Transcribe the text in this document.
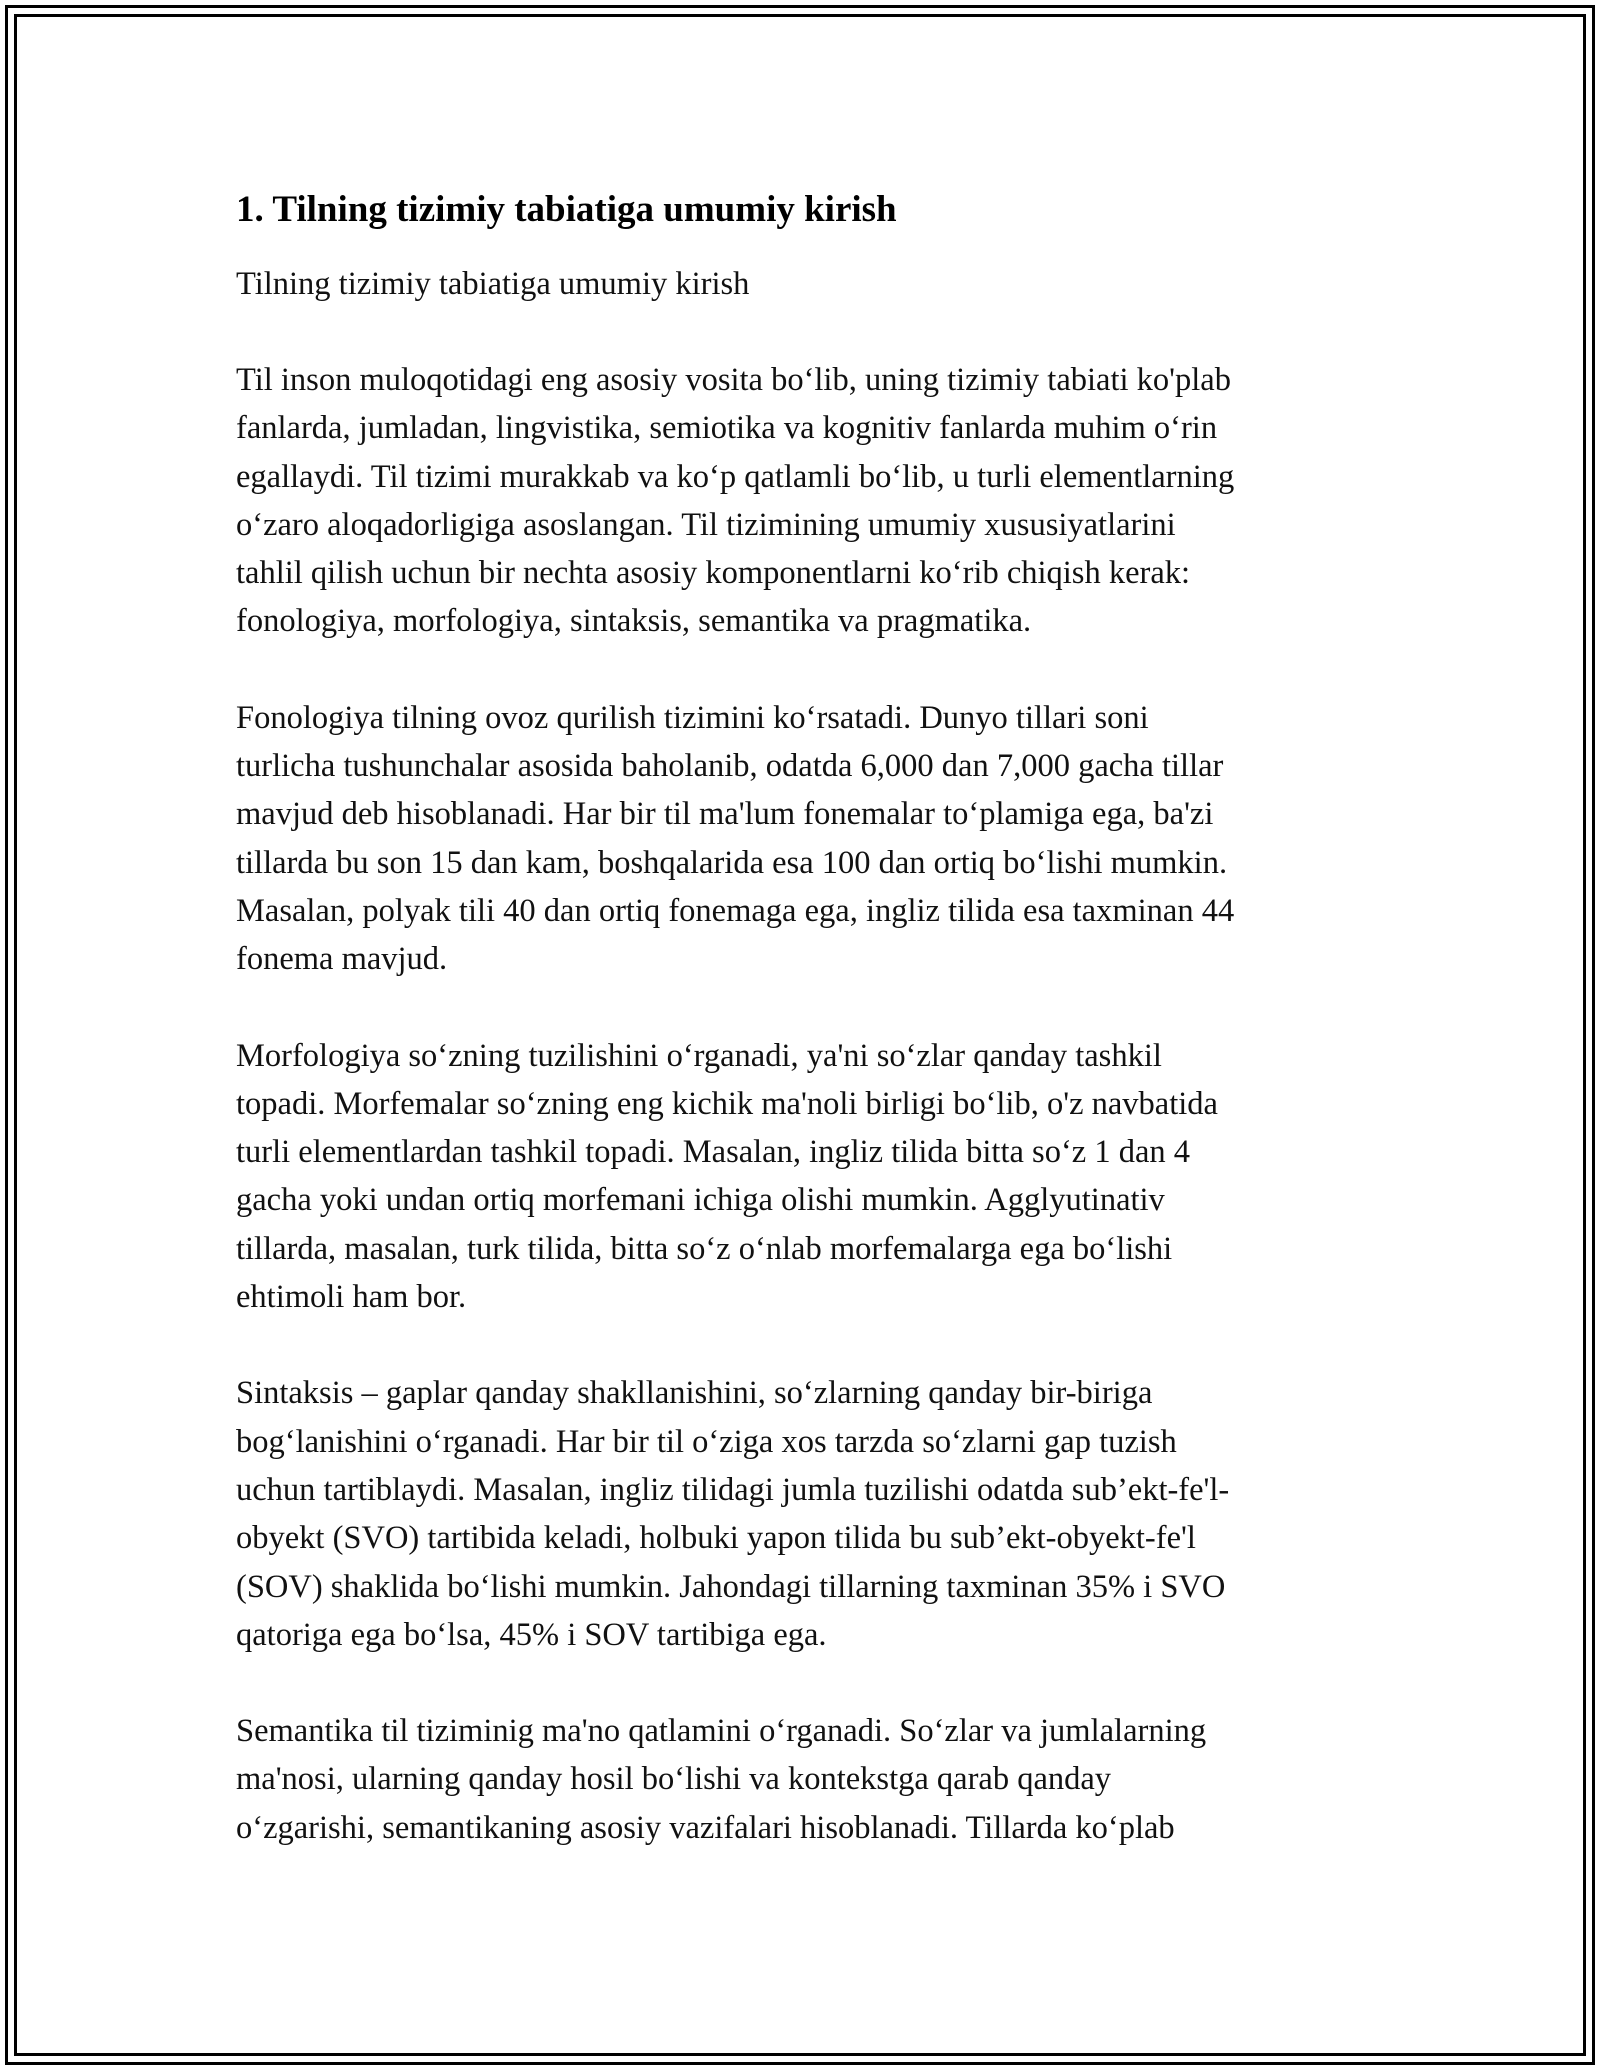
1. Tilning tizimiy tabiatiga umumiy kirish
Tilning tizimiy tabiatiga umumiy kirish

Til inson muloqotidagi eng asosiy vosita bo‘lib, uning tizimiy tabiati ko'plab
fanlarda, jumladan, lingvistika, semiotika va kognitiv fanlarda muhim o‘rin
egallaydi. Til tizimi murakkab va ko‘p qatlamli bo‘lib, u turli elementlarning
o‘zaro aloqadorligiga asoslangan. Til tizimining umumiy xususiyatlarini
tahlil qilish uchun bir nechta asosiy komponentlarni ko‘rib chiqish kerak:
fonologiya, morfologiya, sintaksis, semantika va pragmatika.

Fonologiya tilning ovoz qurilish tizimini ko‘rsatadi. Dunyo tillari soni
turlicha tushunchalar asosida baholanib, odatda 6,000 dan 7,000 gacha tillar
mavjud deb hisoblanadi. Har bir til ma'lum fonemalar to‘plamiga ega, ba'zi
tillarda bu son 15 dan kam, boshqalarida esa 100 dan ortiq bo‘lishi mumkin.
Masalan, polyak tili 40 dan ortiq fonemaga ega, ingliz tilida esa taxminan 44
fonema mavjud.

Morfologiya so‘zning tuzilishini o‘rganadi, ya'ni so‘zlar qanday tashkil
topadi. Morfemalar so‘zning eng kichik ma'noli birligi bo‘lib, o'z navbatida
turli elementlardan tashkil topadi. Masalan, ingliz tilida bitta so‘z 1 dan 4
gacha yoki undan ortiq morfemani ichiga olishi mumkin. Agglyutinativ
tillarda, masalan, turk tilida, bitta so‘z o‘nlab morfemalarga ega bo‘lishi
ehtimoli ham bor.

Sintaksis – gaplar qanday shakllanishini, so‘zlarning qanday bir-biriga
bog‘lanishini o‘rganadi. Har bir til o‘ziga xos tarzda so‘zlarni gap tuzish
uchun tartiblaydi. Masalan, ingliz tilidagi jumla tuzilishi odatda sub’ekt-fe'l-
obyekt (SVO) tartibida keladi, holbuki yapon tilida bu sub’ekt-obyekt-fe'l
(SOV) shaklida bo‘lishi mumkin. Jahondagi tillarning taxminan 35% i SVO
qatoriga ega bo‘lsa, 45% i SOV tartibiga ega.

Semantika til tiziminig ma'no qatlamini o‘rganadi. So‘zlar va jumlalarning
ma'nosi, ularning qanday hosil bo‘lishi va kontekstga qarab qanday
o‘zgarishi, semantikaning asosiy vazifalari hisoblanadi. Tillarda ko‘plab
